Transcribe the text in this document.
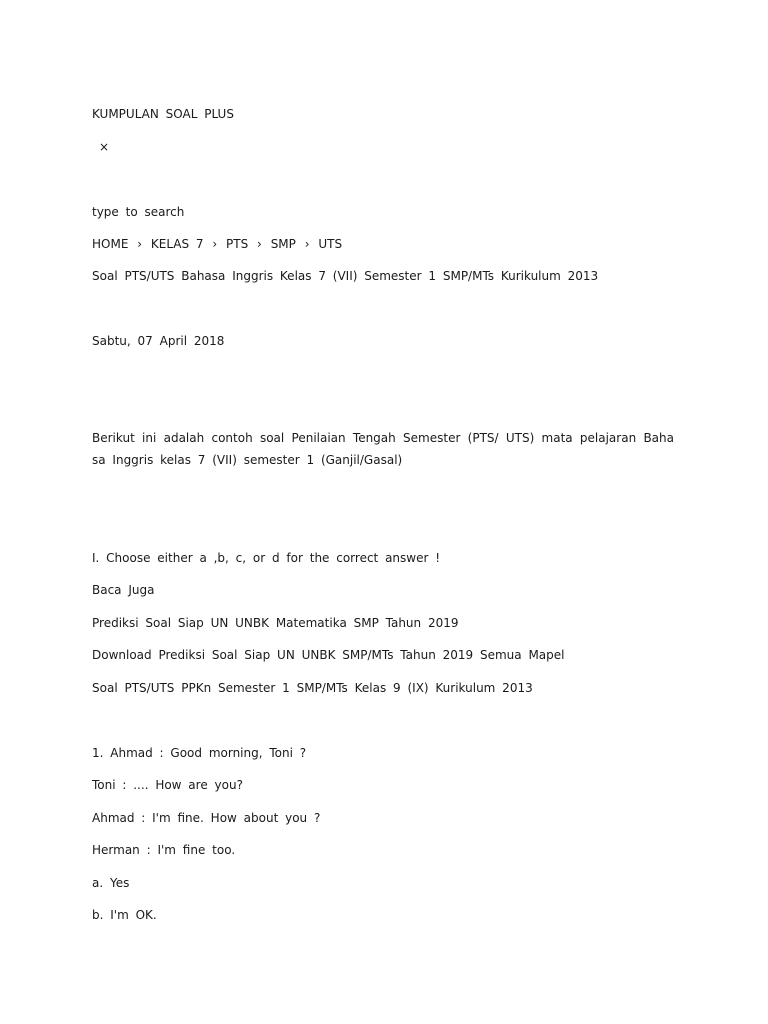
KUMPULAN SOAL PLUS
×
type to search
HOME › KELAS 7 › PTS › SMP › UTS
Soal PTS/UTS Bahasa Inggris Kelas 7 (VII) Semester 1 SMP/MTs Kurikulum 2013
Sabtu, 07 April 2018
Berikut ini adalah contoh soal Penilaian Tengah Semester (PTS/ UTS) mata pelajaran Bahasa Inggris kelas 7 (VII) semester 1 (Ganjil/Gasal)
I. Choose either a ,b, c, or d for the correct answer !
Baca Juga
Prediksi Soal Siap UN UNBK Matematika SMP Tahun 2019
Download Prediksi Soal Siap UN UNBK SMP/MTs Tahun 2019 Semua Mapel
Soal PTS/UTS PPKn Semester 1 SMP/MTs Kelas 9 (IX) Kurikulum 2013
1. Ahmad : Good morning, Toni ?
Toni : .... How are you?
Ahmad : I'm fine. How about you ?
Herman : I'm fine too.
a. Yes
b. I'm OK.
